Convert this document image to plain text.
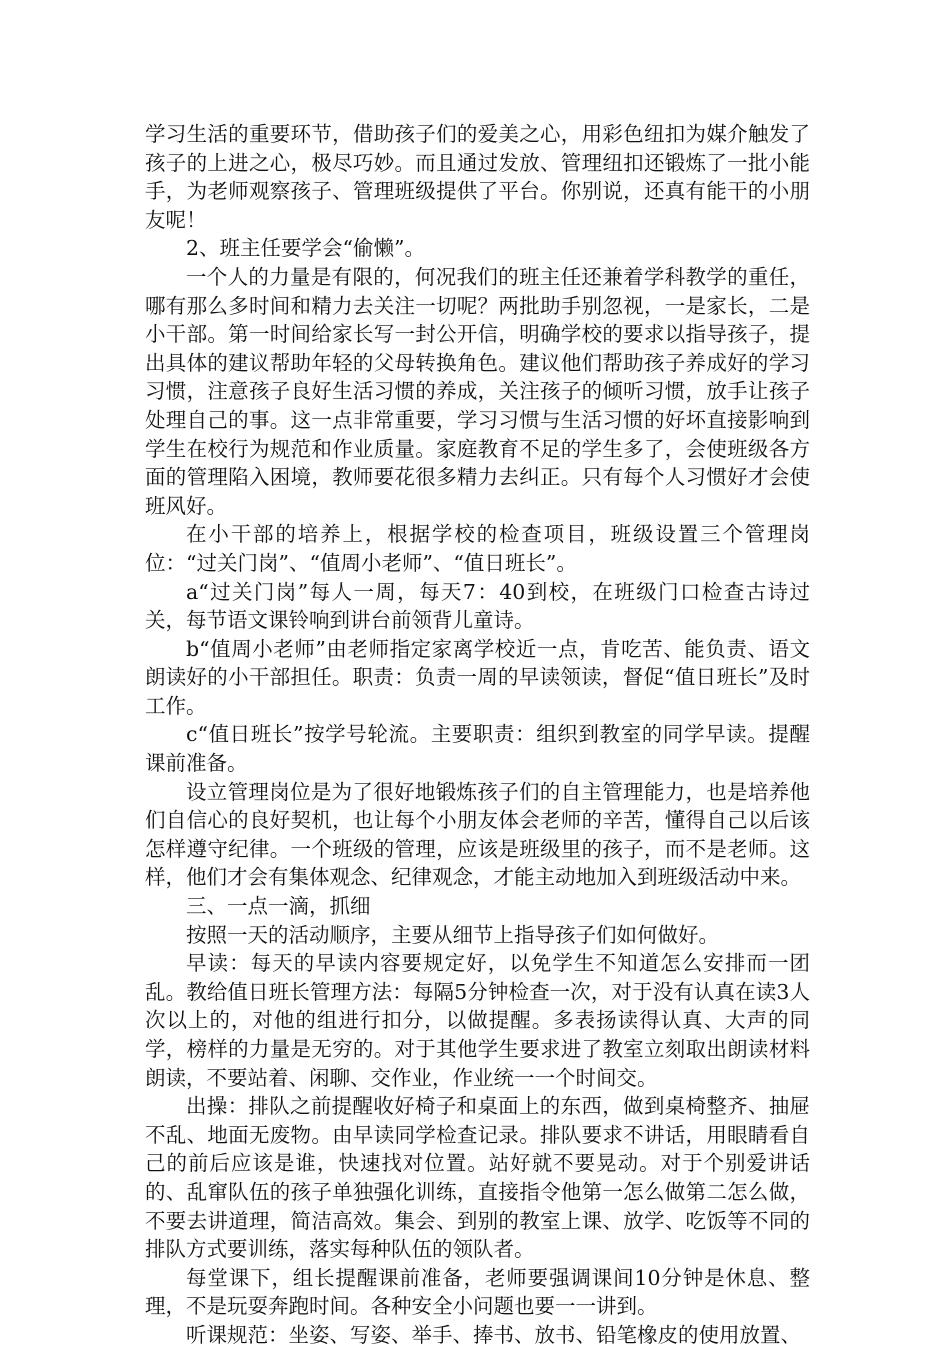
学习生活的重要环节，借助孩子们的爱美之心，用彩色纽扣为媒介触发了孩子的上进之心，极尽巧妙。而且通过发放、管理纽扣还锻炼了一批小能手，为老师观察孩子、管理班级提供了平台。你别说，还真有能干的小朋友呢！

2、班主任要学会“偷懒”。

一个人的力量是有限的，何况我们的班主任还兼着学科教学的重任，哪有那么多时间和精力去关注一切呢？两批助手别忽视，一是家长，二是小干部。第一时间给家长写一封公开信，明确学校的要求以指导孩子，提出具体的建议帮助年轻的父母转换角色。建议他们帮助孩子养成好的学习习惯，注意孩子良好生活习惯的养成，关注孩子的倾听习惯，放手让孩子处理自己的事。这一点非常重要，学习习惯与生活习惯的好坏直接影响到学生在校行为规范和作业质量。家庭教育不足的学生多了，会使班级各方面的管理陷入困境，教师要花很多精力去纠正。只有每个人习惯好才会使班风好。

在小干部的培养上，根据学校的检查项目，班级设置三个管理岗位：“过关门岗”、“值周小老师”、“值日班长”。

a“过关门岗”每人一周，每天7：40到校，在班级门口检查古诗过关，每节语文课铃响到讲台前领背儿童诗。

b“值周小老师”由老师指定家离学校近一点，肯吃苦、能负责、语文朗读好的小干部担任。职责：负责一周的早读领读，督促“值日班长”及时工作。

c“值日班长”按学号轮流。主要职责：组织到教室的同学早读。提醒课前准备。

设立管理岗位是为了很好地锻炼孩子们的自主管理能力，也是培养他们自信心的良好契机，也让每个小朋友体会老师的辛苦，懂得自己以后该怎样遵守纪律。一个班级的管理，应该是班级里的孩子，而不是老师。这样，他们才会有集体观念、纪律观念，才能主动地加入到班级活动中来。

三、一点一滴，抓细

按照一天的活动顺序，主要从细节上指导孩子们如何做好。

早读：每天的早读内容要规定好，以免学生不知道怎么安排而一团乱。教给值日班长管理方法：每隔5分钟检查一次，对于没有认真在读3人次以上的，对他的组进行扣分，以做提醒。多表扬读得认真、大声的同学，榜样的力量是无穷的。对于其他学生要求进了教室立刻取出朗读材料朗读，不要站着、闲聊、交作业，作业统一一个时间交。

出操：排队之前提醒收好椅子和桌面上的东西，做到桌椅整齐、抽屉不乱、地面无废物。由早读同学检查记录。排队要求不讲话，用眼睛看自己的前后应该是谁，快速找对位置。站好就不要晃动。对于个别爱讲话的、乱窜队伍的孩子单独强化训练，直接指令他第一怎么做第二怎么做，不要去讲道理，简洁高效。集会、到别的教室上课、放学、吃饭等不同的排队方式要训练，落实每种队伍的领队者。

每堂课下，组长提醒课前准备，老师要强调课间10分钟是休息、整理，不是玩耍奔跑时间。各种安全小问题也要一一讲到。

听课规范：坐姿、写姿、举手、捧书、放书、铅笔橡皮的使用放置、
